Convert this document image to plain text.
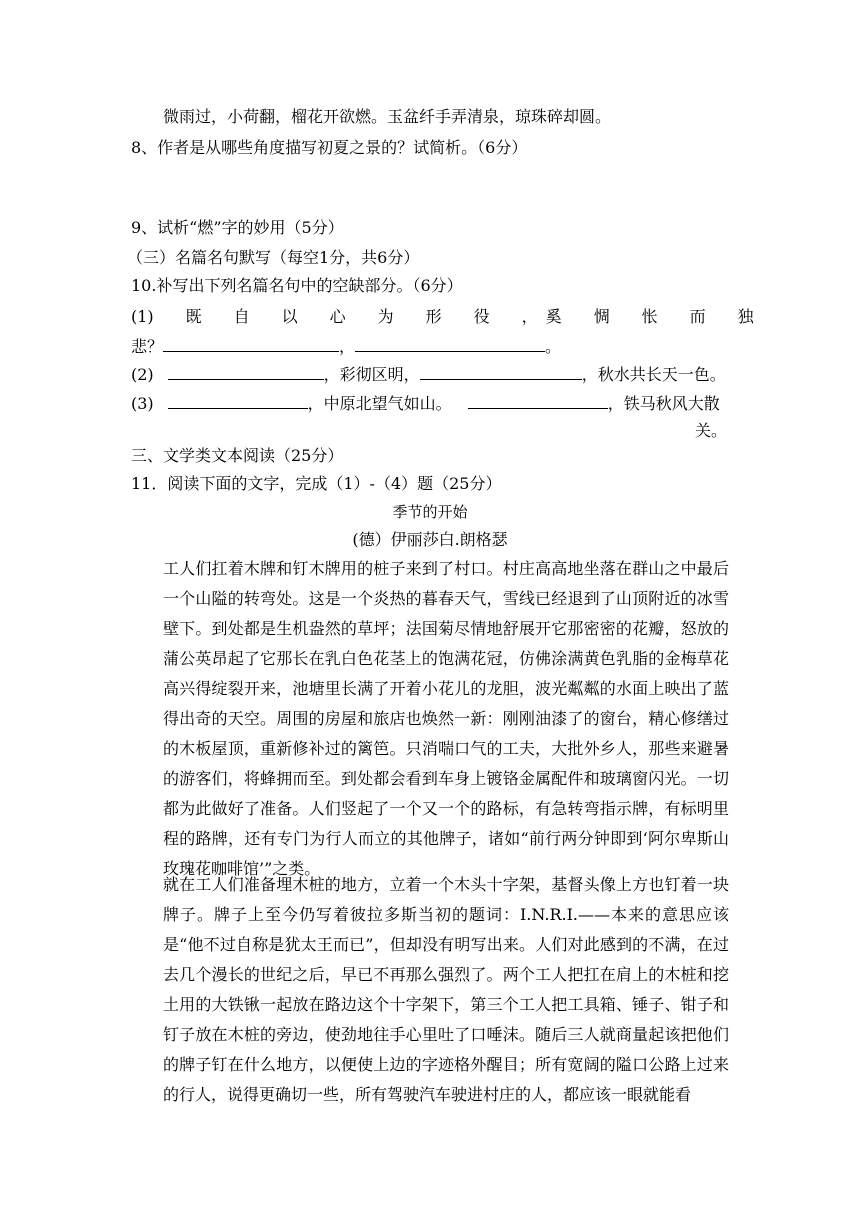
微雨过，小荷翻，榴花开欲燃。玉盆纤手弄清泉，琼珠碎却圆。
8、作者是从哪些角度描写初夏之景的？试简析。（6分）
9、试析“燃”字的妙用（5分）
（三）名篇名句默写（每空1分，共6分）
10.补写出下列名篇名句中的空缺部分。（6分）
(1)　　既　　自　　以　　心　　为　　形　　役　　，　奚　　惆　　怅　　而　　独
悲？	，	。
(2)	，彩彻区明，	，秋水共长天一色。
(3)	，中原北望气如山。	，铁马秋风大散
关。
三、文学类文本阅读（25分）
11．阅读下面的文字，完成（1）-（4）题（25分）
季节的开始
(德）伊丽莎白.朗格瑟
工人们扛着木牌和钉木牌用的桩子来到了村口。村庄高高地坐落在群山之中最后一个山隘的转弯处。这是一个炎热的暮春天气，雪线已经退到了山顶附近的冰雪壁下。到处都是生机盎然的草坪；法国菊尽情地舒展开它那密密的花瓣，怒放的蒲公英昂起了它那长在乳白色花茎上的饱满花冠，仿佛涂满黄色乳脂的金梅草花高兴得绽裂开来，池塘里长满了开着小花儿的龙胆，波光粼粼的水面上映出了蓝得出奇的天空。周围的房屋和旅店也焕然一新：刚刚油漆了的窗台，精心修缮过的木板屋顶，重新修补过的篱笆。只消喘口气的工夫，大批外乡人，那些来避暑的游客们，将蜂拥而至。到处都会看到车身上镀铬金属配件和玻璃窗闪光。一切都为此做好了准备。人们竖起了一个又一个的路标，有急转弯指示牌，有标明里程的路牌，还有专门为行人而立的其他牌子，诸如“前行两分钟即到‘阿尔卑斯山玫瑰花咖啡馆’”之类。
就在工人们准备埋木桩的地方，立着一个木头十字架，基督头像上方也钉着一块牌子。牌子上至今仍写着彼拉多斯当初的题词：I.N.R.I.——本来的意思应该是“他不过自称是犹太王而已”，但却没有明写出来。人们对此感到的不满，在过去几个漫长的世纪之后，早已不再那么强烈了。两个工人把扛在肩上的木桩和挖土用的大铁锹一起放在路边这个十字架下，第三个工人把工具箱、锤子、钳子和钉子放在木桩的旁边，使劲地往手心里吐了口唾沫。随后三人就商量起该把他们的牌子钉在什么地方，以便使上边的字迹格外醒目；所有宽阔的隘口公路上过来的行人，说得更确切一些，所有驾驶汽车驶进村庄的人，都应该一眼就能看
